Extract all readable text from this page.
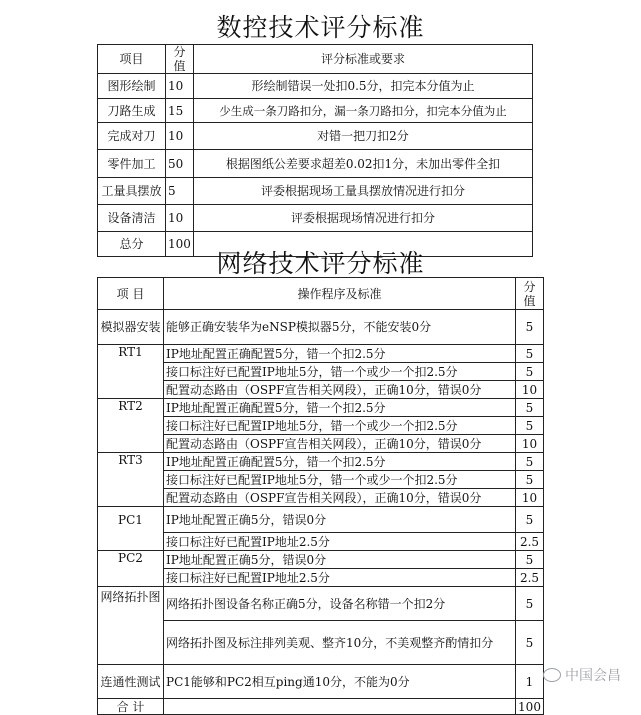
数控技术评分标准
项目	分值	评分标准或要求
图形绘制	10	形绘制错误一处扣0.5分，扣完本分值为止
刀路生成	15	少生成一条刀路扣分，漏一条刀路扣分，扣完本分值为止
完成对刀	10	对错一把刀扣2分
零件加工	50	根据图纸公差要求超差0.02扣1分，未加出零件全扣
工量具摆放	5	评委根据现场工量具摆放情况进行扣分
设备清洁	10	评委根据现场情况进行扣分
总分	100	
网络技术评分标准
项 目	操作程序及标准	分
值
模拟器安装	能够正确安装华为eNSP模拟器5分，不能安装0分	5
RT1	IP地址配置正确配置5分，错一个扣2.5分	5
	接口标注好已配置IP地址5分，错一个或少一个扣2.5分	5
	配置动态路由（OSPF宣告相关网段），正确10分，错误0分	10
RT2	IP地址配置正确配置5分，错一个扣2.5分	5
	接口标注好已配置IP地址5分，错一个或少一个扣2.5分	5
	配置动态路由（OSPF宣告相关网段），正确10分，错误0分	10
RT3	IP地址配置正确配置5分，错一个扣2.5分	5
	接口标注好已配置IP地址5分，错一个或少一个扣2.5分	5
	配置动态路由（OSPF宣告相关网段），正确10分，错误0分	10
PC1	IP地址配置正确5分，错误0分	5
	接口标注好已配置IP地址2.5分	2.5
PC2	IP地址配置正确5分，错误0分	5
	接口标注好已配置IP地址2.5分	2.5
网络拓扑图	网络拓扑图设备名称正确5分，设备名称错一个扣2分	5
	网络拓扑图及标注排列美观、整齐10分，不美观整齐酌情扣分	5
连通性测试	PC1能够和PC2相互ping通10分，不能为0分	1
合 计		100
中国会昌
